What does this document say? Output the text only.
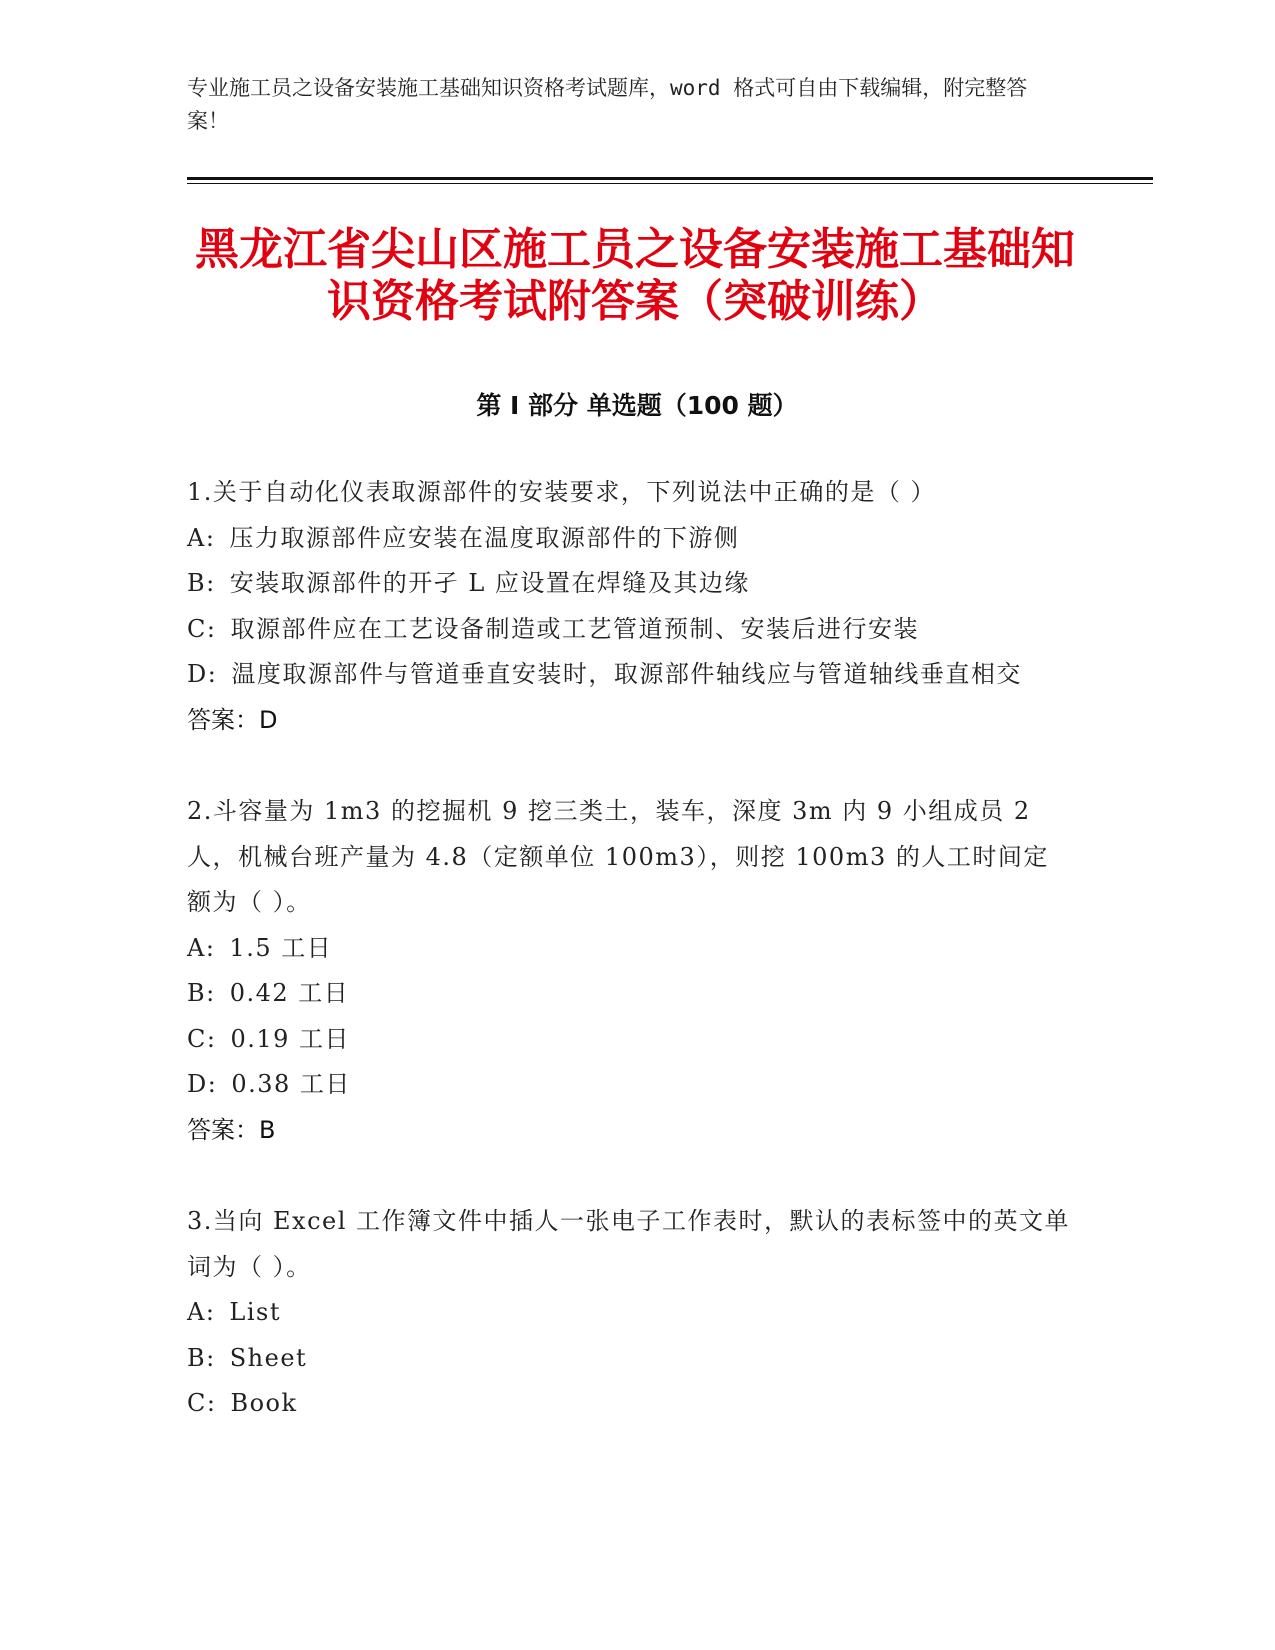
专业施工员之设备安装施工基础知识资格考试题库，word 格式可自由下载编辑，附完整答案！
黑龙江省尖山区施工员之设备安装施工基础知识资格考试附答案（突破训练）
第 I 部分 单选题（100 题）
1.关于自动化仪表取源部件的安装要求，下列说法中正确的是（ ）
A: 压力取源部件应安装在温度取源部件的下游侧
B: 安装取源部件的开孑 L 应设置在焊缝及其边缘
C: 取源部件应在工艺设备制造或工艺管道预制、安装后进行安装
D: 温度取源部件与管道垂直安装时，取源部件轴线应与管道轴线垂直相交
答案：D
2.斗容量为 1m3 的挖掘机 9 挖三类土，装车，深度 3m 内 9 小组成员 2 人，机械台班产量为 4.8（定额单位 100m3），则挖 100m3 的人工时间定额为（ ）。
A: 1.5 工日
B: 0.42 工日
C: 0.19 工日
D: 0.38 工日
答案：B
3.当向 Excel 工作簿文件中插人一张电子工作表时，默认的表标签中的英文单词为（ ）。
A: List
B: Sheet
C: Book
